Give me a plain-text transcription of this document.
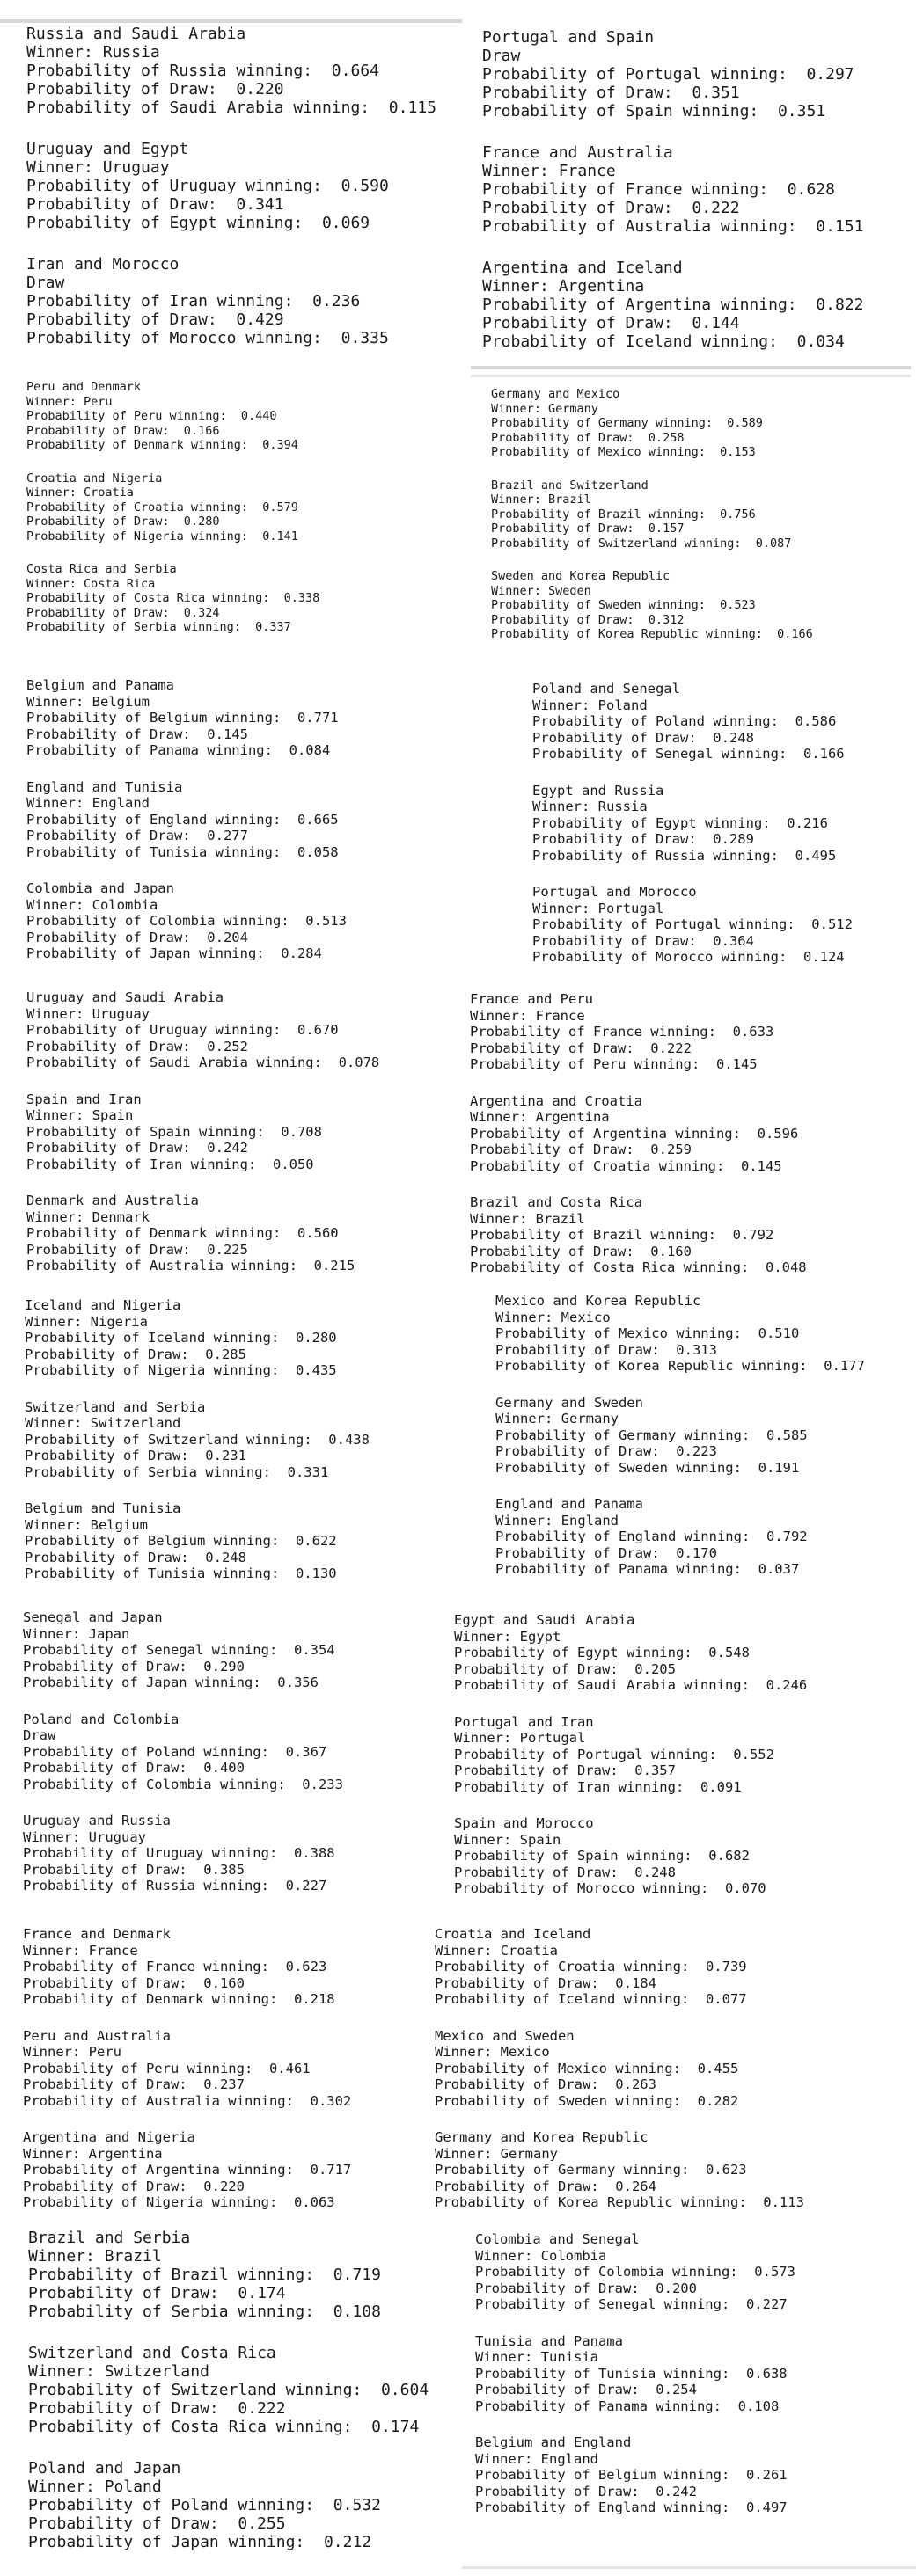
Russia and Saudi Arabia
Winner: Russia
Probability of Russia winning:  0.664
Probability of Draw:  0.220
Probability of Saudi Arabia winning:  0.115
Uruguay and Egypt
Winner: Uruguay
Probability of Uruguay winning:  0.590
Probability of Draw:  0.341
Probability of Egypt winning:  0.069
Iran and Morocco
Draw
Probability of Iran winning:  0.236
Probability of Draw:  0.429
Probability of Morocco winning:  0.335
Portugal and Spain
Draw
Probability of Portugal winning:  0.297
Probability of Draw:  0.351
Probability of Spain winning:  0.351
France and Australia
Winner: France
Probability of France winning:  0.628
Probability of Draw:  0.222
Probability of Australia winning:  0.151
Argentina and Iceland
Winner: Argentina
Probability of Argentina winning:  0.822
Probability of Draw:  0.144
Probability of Iceland winning:  0.034
Peru and Denmark
Winner: Peru
Probability of Peru winning:  0.440
Probability of Draw:  0.166
Probability of Denmark winning:  0.394
Croatia and Nigeria
Winner: Croatia
Probability of Croatia winning:  0.579
Probability of Draw:  0.280
Probability of Nigeria winning:  0.141
Costa Rica and Serbia
Winner: Costa Rica
Probability of Costa Rica winning:  0.338
Probability of Draw:  0.324
Probability of Serbia winning:  0.337
Germany and Mexico
Winner: Germany
Probability of Germany winning:  0.589
Probability of Draw:  0.258
Probability of Mexico winning:  0.153
Brazil and Switzerland
Winner: Brazil
Probability of Brazil winning:  0.756
Probability of Draw:  0.157
Probability of Switzerland winning:  0.087
Sweden and Korea Republic
Winner: Sweden
Probability of Sweden winning:  0.523
Probability of Draw:  0.312
Probability of Korea Republic winning:  0.166
Belgium and Panama
Winner: Belgium
Probability of Belgium winning:  0.771
Probability of Draw:  0.145
Probability of Panama winning:  0.084
England and Tunisia
Winner: England
Probability of England winning:  0.665
Probability of Draw:  0.277
Probability of Tunisia winning:  0.058
Colombia and Japan
Winner: Colombia
Probability of Colombia winning:  0.513
Probability of Draw:  0.204
Probability of Japan winning:  0.284
Poland and Senegal
Winner: Poland
Probability of Poland winning:  0.586
Probability of Draw:  0.248
Probability of Senegal winning:  0.166
Egypt and Russia
Winner: Russia
Probability of Egypt winning:  0.216
Probability of Draw:  0.289
Probability of Russia winning:  0.495
Portugal and Morocco
Winner: Portugal
Probability of Portugal winning:  0.512
Probability of Draw:  0.364
Probability of Morocco winning:  0.124
Uruguay and Saudi Arabia
Winner: Uruguay
Probability of Uruguay winning:  0.670
Probability of Draw:  0.252
Probability of Saudi Arabia winning:  0.078
Spain and Iran
Winner: Spain
Probability of Spain winning:  0.708
Probability of Draw:  0.242
Probability of Iran winning:  0.050
Denmark and Australia
Winner: Denmark
Probability of Denmark winning:  0.560
Probability of Draw:  0.225
Probability of Australia winning:  0.215
France and Peru
Winner: France
Probability of France winning:  0.633
Probability of Draw:  0.222
Probability of Peru winning:  0.145
Argentina and Croatia
Winner: Argentina
Probability of Argentina winning:  0.596
Probability of Draw:  0.259
Probability of Croatia winning:  0.145
Brazil and Costa Rica
Winner: Brazil
Probability of Brazil winning:  0.792
Probability of Draw:  0.160
Probability of Costa Rica winning:  0.048
Iceland and Nigeria
Winner: Nigeria
Probability of Iceland winning:  0.280
Probability of Draw:  0.285
Probability of Nigeria winning:  0.435
Switzerland and Serbia
Winner: Switzerland
Probability of Switzerland winning:  0.438
Probability of Draw:  0.231
Probability of Serbia winning:  0.331
Belgium and Tunisia
Winner: Belgium
Probability of Belgium winning:  0.622
Probability of Draw:  0.248
Probability of Tunisia winning:  0.130
Mexico and Korea Republic
Winner: Mexico
Probability of Mexico winning:  0.510
Probability of Draw:  0.313
Probability of Korea Republic winning:  0.177
Germany and Sweden
Winner: Germany
Probability of Germany winning:  0.585
Probability of Draw:  0.223
Probability of Sweden winning:  0.191
England and Panama
Winner: England
Probability of England winning:  0.792
Probability of Draw:  0.170
Probability of Panama winning:  0.037
Senegal and Japan
Winner: Japan
Probability of Senegal winning:  0.354
Probability of Draw:  0.290
Probability of Japan winning:  0.356
Poland and Colombia
Draw
Probability of Poland winning:  0.367
Probability of Draw:  0.400
Probability of Colombia winning:  0.233
Uruguay and Russia
Winner: Uruguay
Probability of Uruguay winning:  0.388
Probability of Draw:  0.385
Probability of Russia winning:  0.227
Egypt and Saudi Arabia
Winner: Egypt
Probability of Egypt winning:  0.548
Probability of Draw:  0.205
Probability of Saudi Arabia winning:  0.246
Portugal and Iran
Winner: Portugal
Probability of Portugal winning:  0.552
Probability of Draw:  0.357
Probability of Iran winning:  0.091
Spain and Morocco
Winner: Spain
Probability of Spain winning:  0.682
Probability of Draw:  0.248
Probability of Morocco winning:  0.070
France and Denmark
Winner: France
Probability of France winning:  0.623
Probability of Draw:  0.160
Probability of Denmark winning:  0.218
Peru and Australia
Winner: Peru
Probability of Peru winning:  0.461
Probability of Draw:  0.237
Probability of Australia winning:  0.302
Argentina and Nigeria
Winner: Argentina
Probability of Argentina winning:  0.717
Probability of Draw:  0.220
Probability of Nigeria winning:  0.063
Croatia and Iceland
Winner: Croatia
Probability of Croatia winning:  0.739
Probability of Draw:  0.184
Probability of Iceland winning:  0.077
Mexico and Sweden
Winner: Mexico
Probability of Mexico winning:  0.455
Probability of Draw:  0.263
Probability of Sweden winning:  0.282
Germany and Korea Republic
Winner: Germany
Probability of Germany winning:  0.623
Probability of Draw:  0.264
Probability of Korea Republic winning:  0.113
Brazil and Serbia
Winner: Brazil
Probability of Brazil winning:  0.719
Probability of Draw:  0.174
Probability of Serbia winning:  0.108
Switzerland and Costa Rica
Winner: Switzerland
Probability of Switzerland winning:  0.604
Probability of Draw:  0.222
Probability of Costa Rica winning:  0.174
Poland and Japan
Winner: Poland
Probability of Poland winning:  0.532
Probability of Draw:  0.255
Probability of Japan winning:  0.212
Colombia and Senegal
Winner: Colombia
Probability of Colombia winning:  0.573
Probability of Draw:  0.200
Probability of Senegal winning:  0.227
Tunisia and Panama
Winner: Tunisia
Probability of Tunisia winning:  0.638
Probability of Draw:  0.254
Probability of Panama winning:  0.108
Belgium and England
Winner: England
Probability of Belgium winning:  0.261
Probability of Draw:  0.242
Probability of England winning:  0.497
